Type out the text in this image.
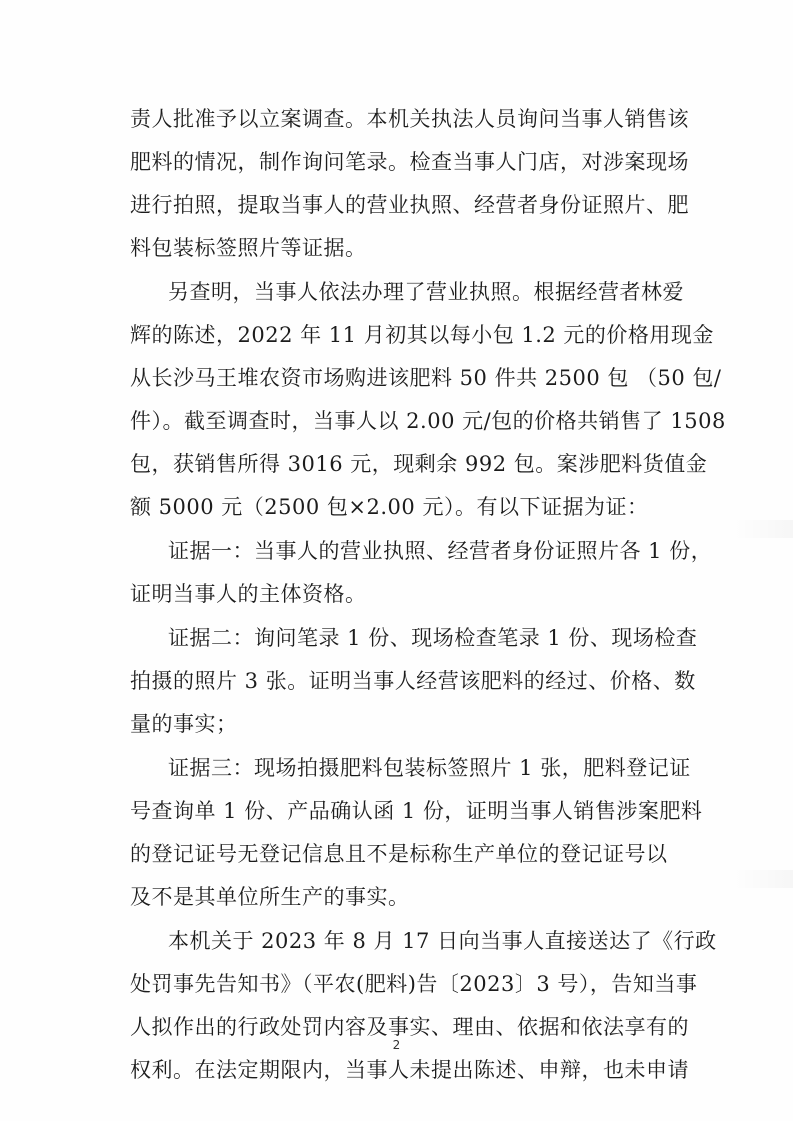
责人批准予以立案调查。本机关执法人员询问当事人销售该
肥料的情况，制作询问笔录。检查当事人门店，对涉案现场
进行拍照，提取当事人的营业执照、经营者身份证照片、肥
料包装标签照片等证据。
另查明，当事人依法办理了营业执照。根据经营者林爱
辉的陈述，2022 年 11 月初其以每小包 1.2 元的价格用现金
从长沙马王堆农资市场购进该肥料 50 件共 2500 包 （50 包/
件）。截至调查时，当事人以 2.00 元/包的价格共销售了 1508
包，获销售所得 3016 元，现剩余 992 包。案涉肥料货值金
额 5000 元（2500 包×2.00 元）。有以下证据为证：
证据一：当事人的营业执照、经营者身份证照片各 1 份，
证明当事人的主体资格。
证据二：询问笔录 1 份、现场检查笔录 1 份、现场检查
拍摄的照片 3 张。证明当事人经营该肥料的经过、价格、数
量的事实；
证据三：现场拍摄肥料包装标签照片 1 张，肥料登记证
号查询单 1 份、产品确认函 1 份，证明当事人销售涉案肥料
的登记证号无登记信息且不是标称生产单位的登记证号以
及不是其单位所生产的事实。
本机关于 2023 年 8 月 17 日向当事人直接送达了《行政
处罚事先告知书》（平农(肥料)告〔2023〕3 号），告知当事
人拟作出的行政处罚内容及事实、理由、依据和依法享有的
权利。在法定期限内，当事人未提出陈述、申辩，也未申请
2
